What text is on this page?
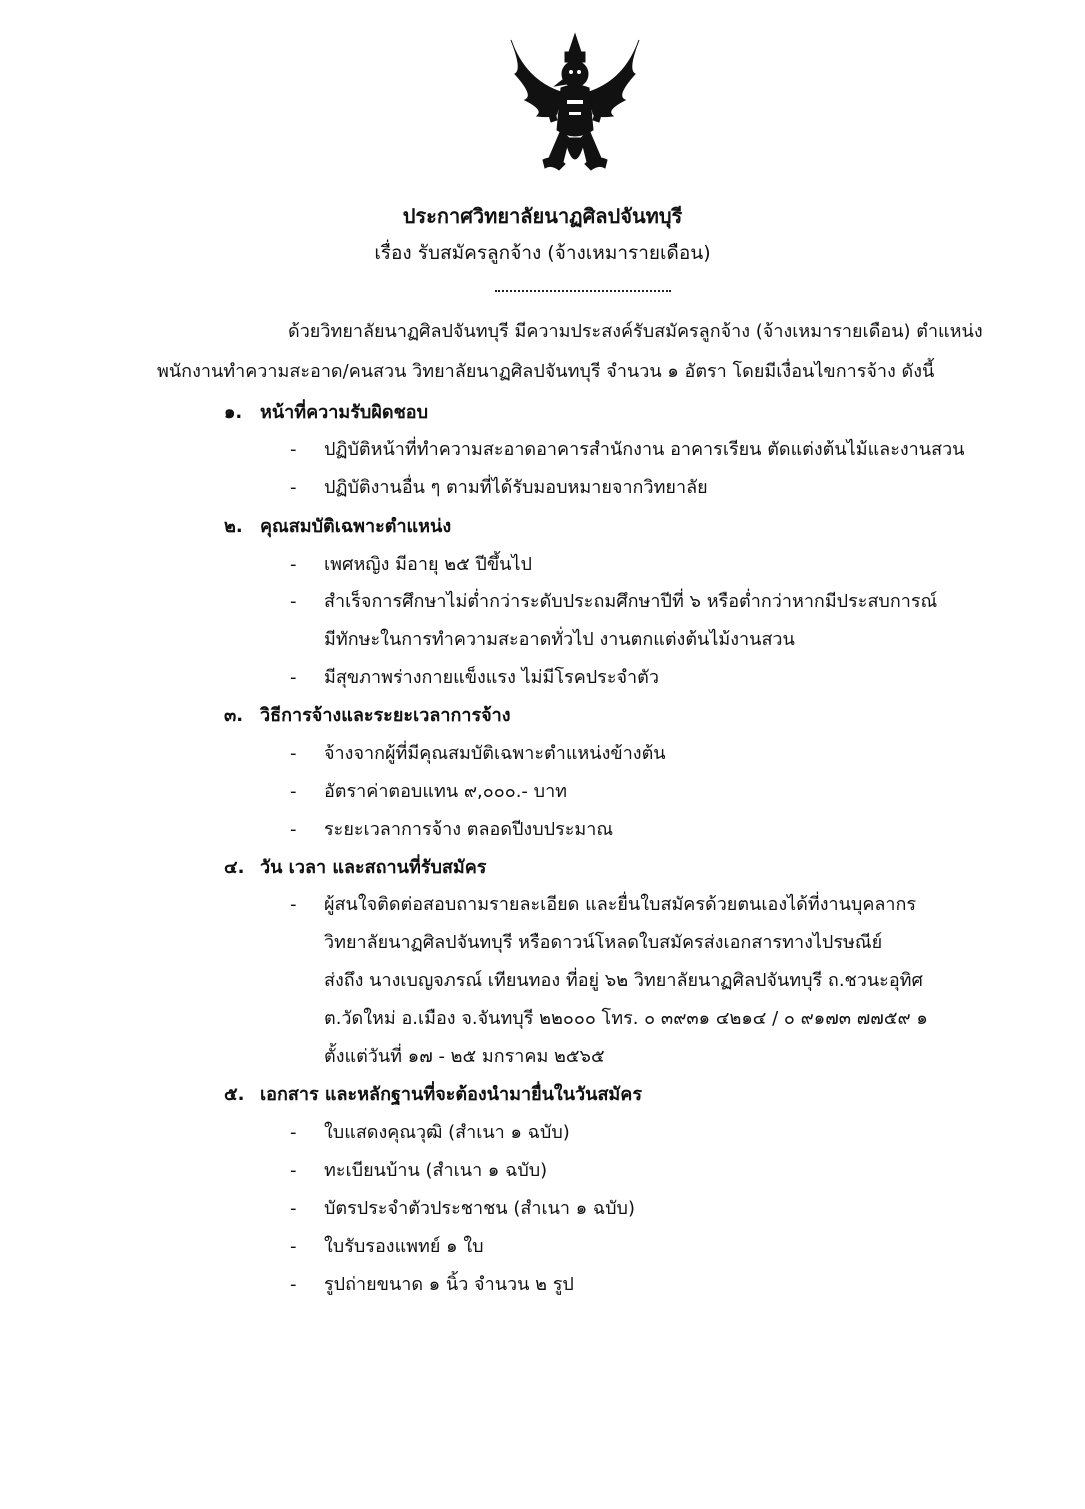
ประกาศวิทยาลัยนาฏศิลปจันทบุรี
เรื่อง รับสมัครลูกจ้าง (จ้างเหมารายเดือน)
ด้วยวิทยาลัยนาฏศิลปจันทบุรี มีความประสงค์รับสมัครลูกจ้าง (จ้างเหมารายเดือน) ตำแหน่ง
พนักงานทำความสะอาด/คนสวน วิทยาลัยนาฏศิลปจันทบุรี จำนวน ๑ อัตรา โดยมีเงื่อนไขการจ้าง ดังนี้
๑. หน้าที่ความรับผิดชอบ
- ปฏิบัติหน้าที่ทำความสะอาดอาคารสำนักงาน อาคารเรียน ตัดแต่งต้นไม้และงานสวน
- ปฏิบัติงานอื่น ๆ ตามที่ได้รับมอบหมายจากวิทยาลัย
๒. คุณสมบัติเฉพาะตำแหน่ง
- เพศหญิง มีอายุ ๒๕ ปีขึ้นไป
- สำเร็จการศึกษาไม่ต่ำกว่าระดับประถมศึกษาปีที่ ๖ หรือต่ำกว่าหากมีประสบการณ์
มีทักษะในการทำความสะอาดทั่วไป งานตกแต่งต้นไม้งานสวน
- มีสุขภาพร่างกายแข็งแรง ไม่มีโรคประจำตัว
๓. วิธีการจ้างและระยะเวลาการจ้าง
- จ้างจากผู้ที่มีคุณสมบัติเฉพาะตำแหน่งข้างต้น
- อัตราค่าตอบแทน ๙,๐๐๐.- บาท
- ระยะเวลาการจ้าง ตลอดปีงบประมาณ
๔. วัน เวลา และสถานที่รับสมัคร
- ผู้สนใจติดต่อสอบถามรายละเอียด และยื่นใบสมัครด้วยตนเองได้ที่งานบุคลากร
วิทยาลัยนาฏศิลปจันทบุรี หรือดาวน์โหลดใบสมัครส่งเอกสารทางไปรษณีย์
ส่งถึง นางเบญจภรณ์ เทียนทอง ที่อยู่ ๖๒ วิทยาลัยนาฏศิลปจันทบุรี ถ.ชวนะอุทิศ
ต.วัดใหม่ อ.เมือง จ.จันทบุรี ๒๒๐๐๐ โทร. ๐ ๓๙๓๑ ๔๒๑๔ / ๐ ๙๑๗๓ ๗๗๕๙ ๑
ตั้งแต่วันที่ ๑๗ - ๒๕ มกราคม ๒๕๖๕
๕. เอกสาร และหลักฐานที่จะต้องนำมายื่นในวันสมัคร
- ใบแสดงคุณวุฒิ (สำเนา ๑ ฉบับ)
- ทะเบียนบ้าน (สำเนา ๑ ฉบับ)
- บัตรประจำตัวประชาชน (สำเนา ๑ ฉบับ)
- ใบรับรองแพทย์ ๑ ใบ
- รูปถ่ายขนาด ๑ นิ้ว จำนวน ๒ รูป
